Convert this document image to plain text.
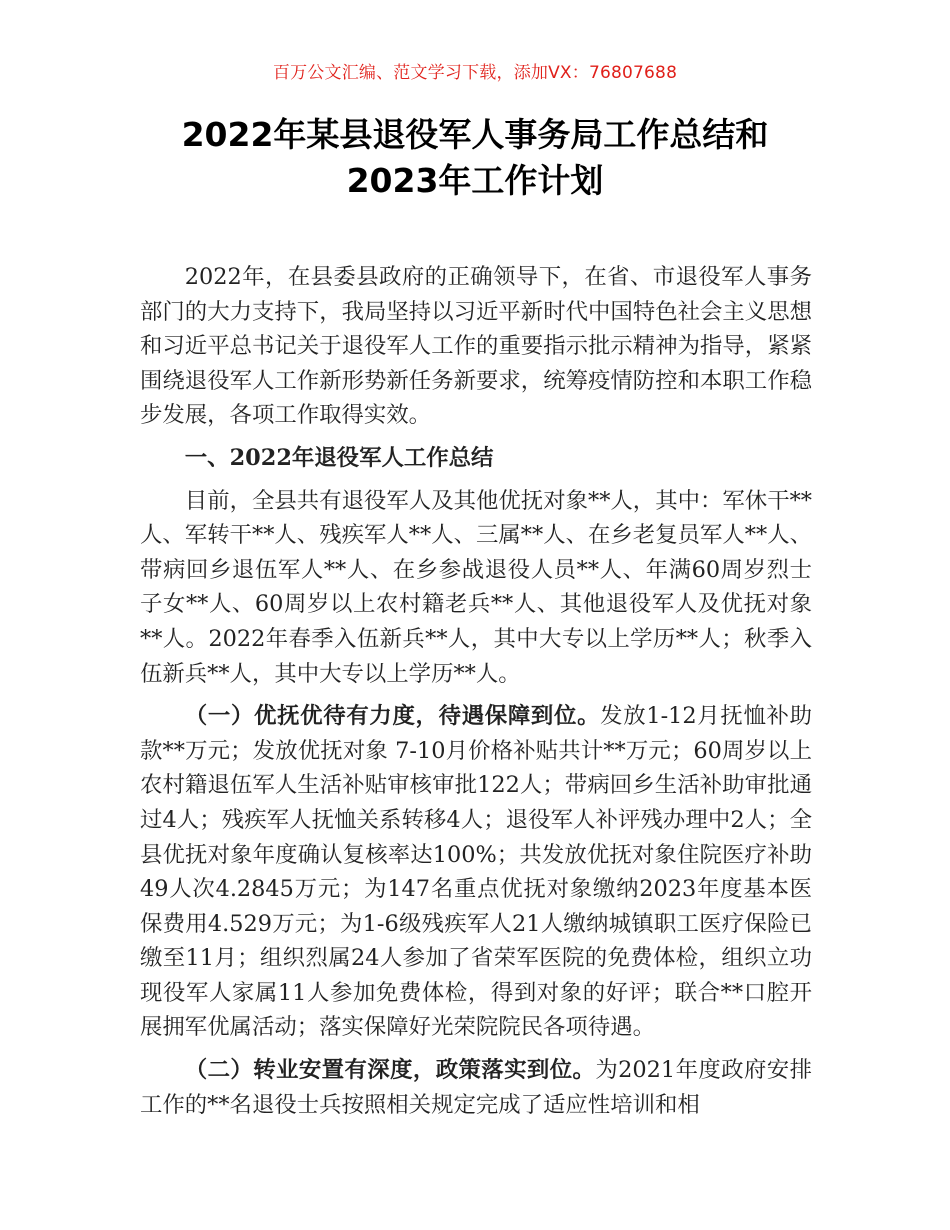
百万公文汇编、范文学习下载，添加VX：76807688
2022年某县退役军人事务局工作总结和
2023年工作计划

2022年，在县委县政府的正确领导下，在省、市退役军人事务部门的大力支持下，我局坚持以习近平新时代中国特色社会主义思想和习近平总书记关于退役军人工作的重要指示批示精神为指导，紧紧围绕退役军人工作新形势新任务新要求，统筹疫情防控和本职工作稳步发展，各项工作取得实效。

一、2022年退役军人工作总结

目前，全县共有退役军人及其他优抚对象**人，其中：军休干**人、军转干**人、残疾军人**人、三属**人、在乡老复员军人**人、带病回乡退伍军人**人、在乡参战退役人员**人、年满60周岁烈士子女**人、60周岁以上农村籍老兵**人、其他退役军人及优抚对象**人。2022年春季入伍新兵**人，其中大专以上学历**人；秋季入伍新兵**人，其中大专以上学历**人。

（一）优抚优待有力度，待遇保障到位。发放1-12月抚恤补助款**万元；发放优抚对象 7-10月价格补贴共计**万元；60周岁以上农村籍退伍军人生活补贴审核审批122人；带病回乡生活补助审批通过4人；残疾军人抚恤关系转移4人；退役军人补评残办理中2人；全县优抚对象年度确认复核率达100%；共发放优抚对象住院医疗补助49人次4.2845万元；为147名重点优抚对象缴纳2023年度基本医保费用4.529万元；为1-6级残疾军人21人缴纳城镇职工医疗保险已缴至11月；组织烈属24人参加了省荣军医院的免费体检，组织立功现役军人家属11人参加免费体检，得到对象的好评；联合**口腔开展拥军优属活动；落实保障好光荣院院民各项待遇。

（二）转业安置有深度，政策落实到位。为2021年度政府安排工作的**名退役士兵按照相关规定完成了适应性培训和相
